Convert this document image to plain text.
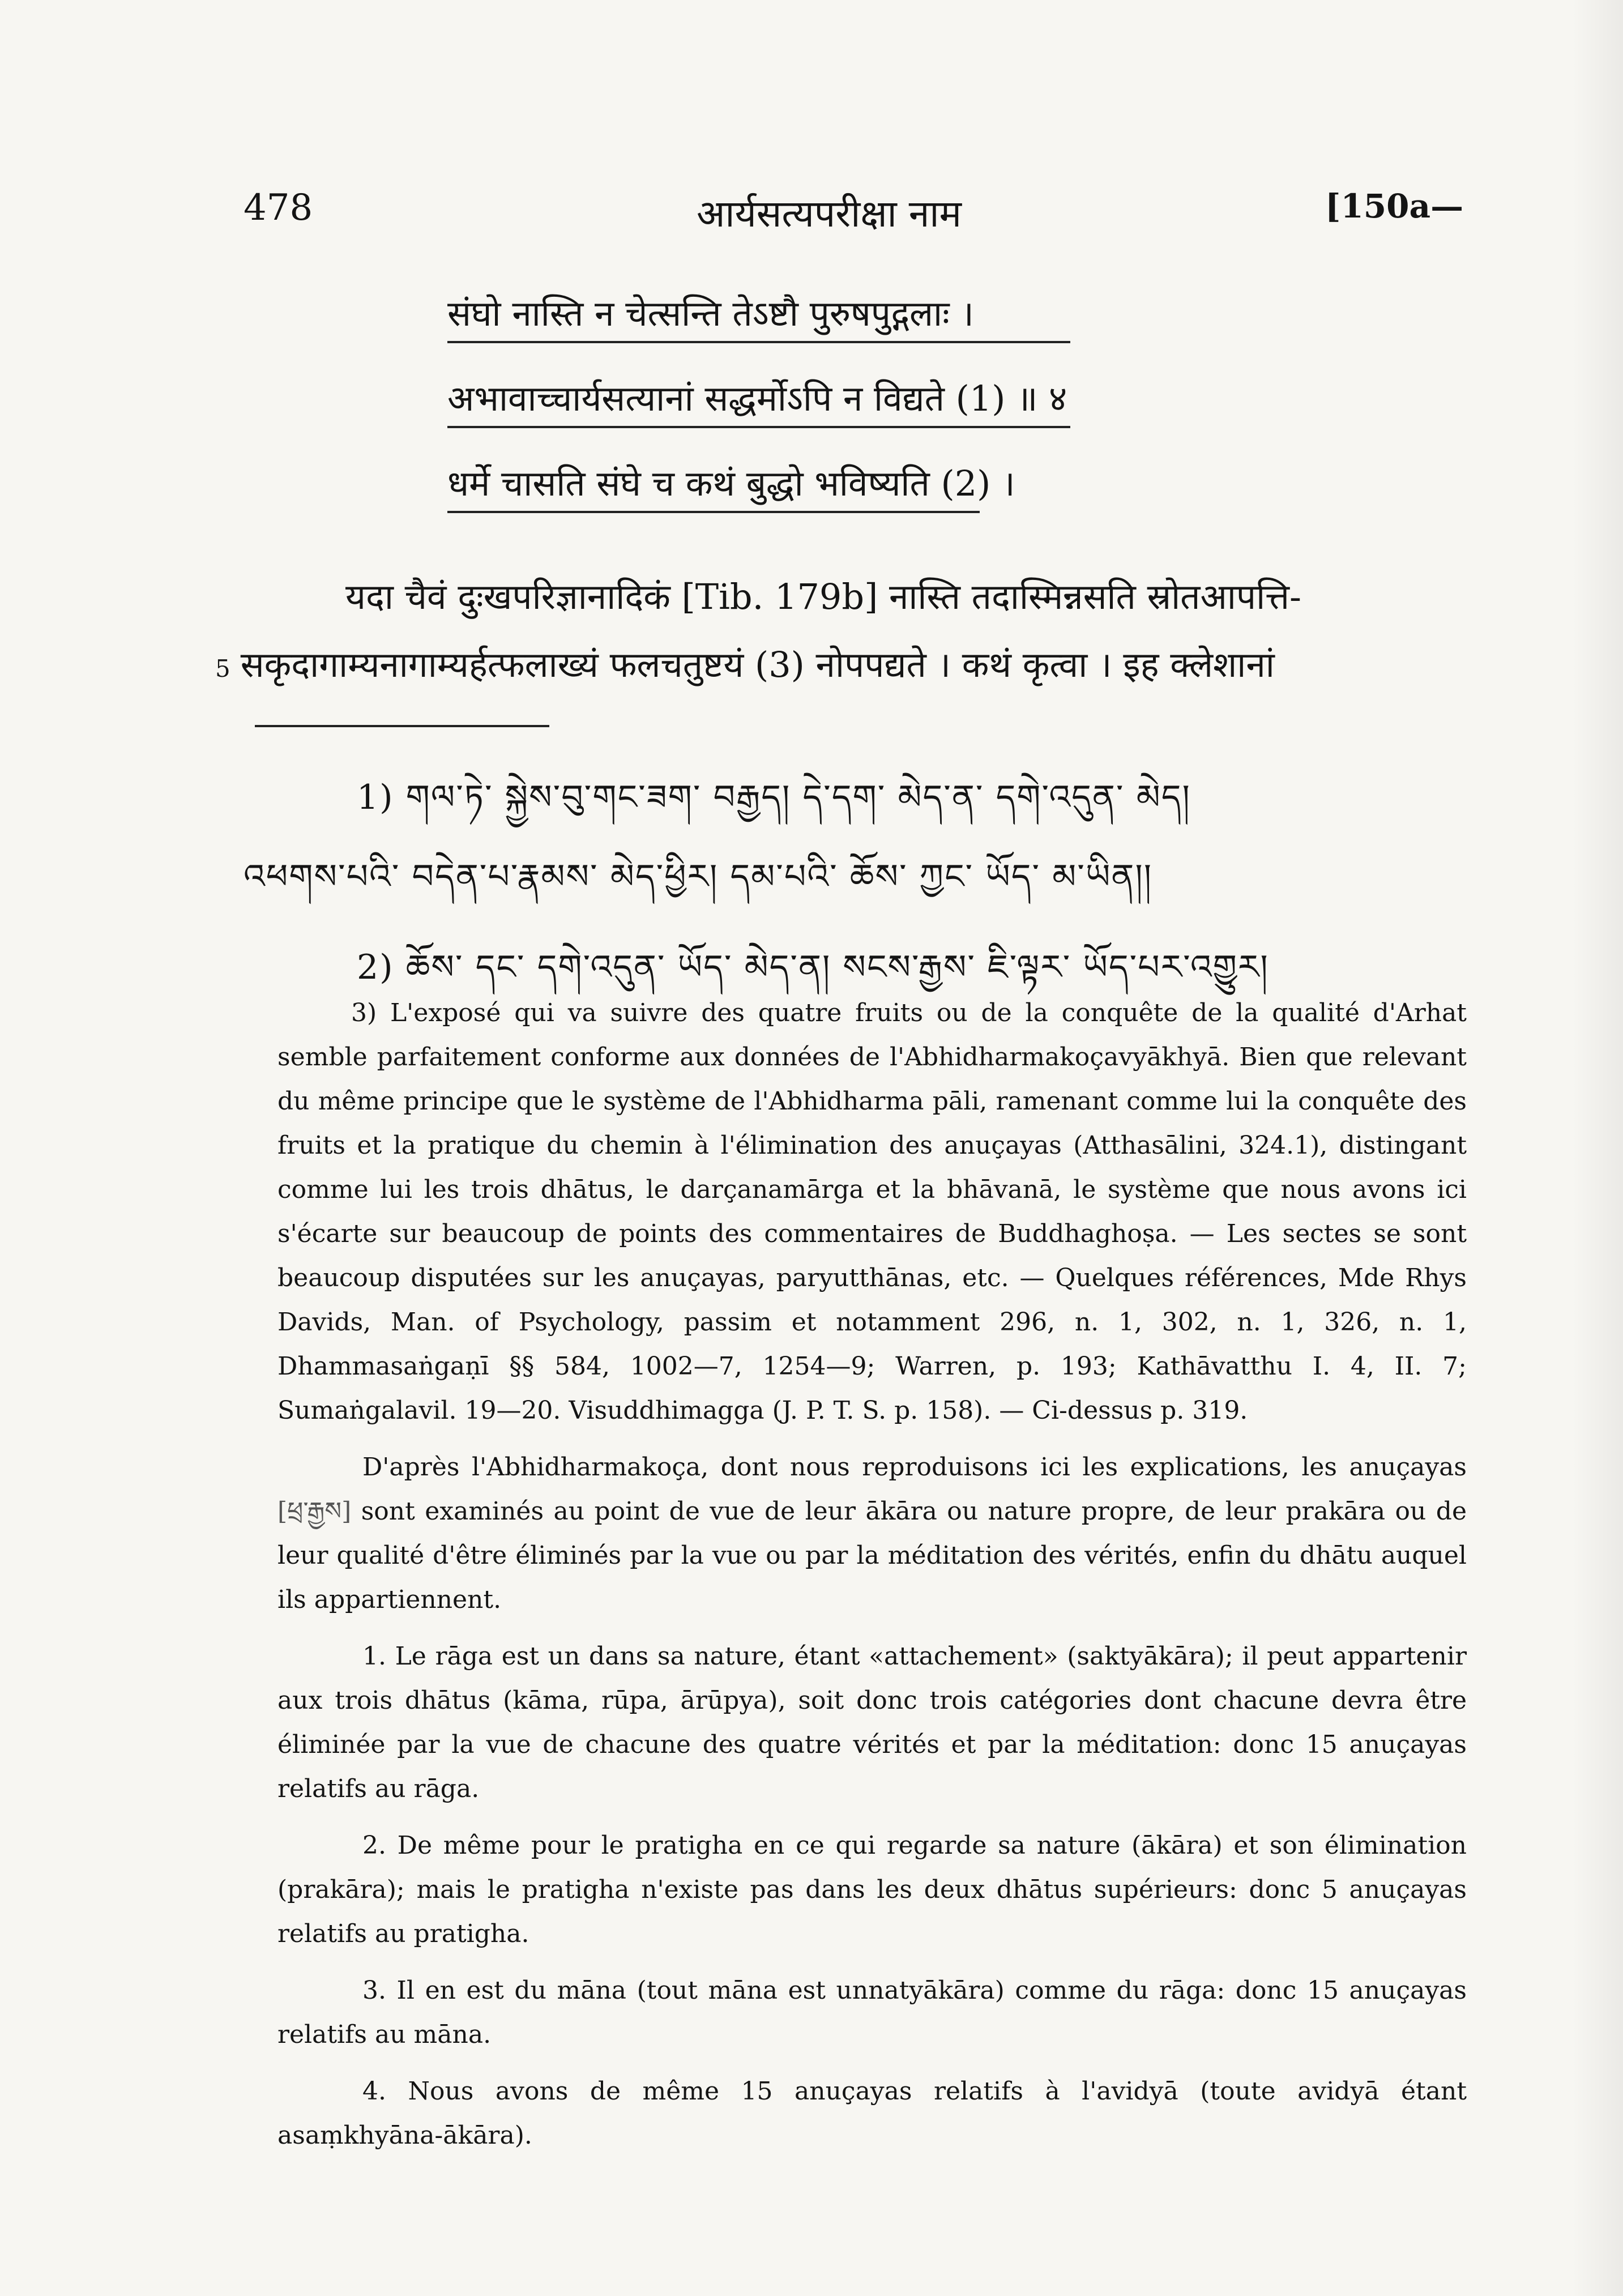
478	आर्यसत्यपरीक्षा नाम	[150a—
संघो नास्ति न चेत्सन्ति तेऽष्टौ पुरुषपुद्गलाः ।
अभावाच्चार्यसत्यानां सद्धर्मोऽपि न विद्यते (1) ॥ ४
धर्मे चासति संघे च कथं बुद्धो भविष्यति (2) ।
यदा चैवं दुःखपरिज्ञानादिकं [Tib. 179b] नास्ति तदास्मिन्नसति स्रोतआपत्ति-
5 सकृदागाम्यनागाम्यर्हत्फलाख्यं फलचतुष्टयं (3) नोपपद्यते । कथं कृत्वा । इह क्लेशानां
1) གལ་ཏེ་ སྐྱེས་བུ་གང་ཟག་ བརྒྱད། དེ་དག་ མེད་ན་ དགེ་འདུན་ མེད།
འཕགས་པའི་ བདེན་པ་རྣམས་ མེད་ཕྱིར། དམ་པའི་ ཆོས་ ཀྱང་ ཡོད་ མ་ཡིན།།
2) ཆོས་ དང་ དགེ་འདུན་ ཡོད་ མེད་ན། སངས་རྒྱས་ ཇི་ལྟར་ ཡོད་པར་འགྱུར།

3) L'exposé qui va suivre des quatre fruits ou de la conquête de la qualité d'Arhat semble parfaitement conforme aux données de l'Abhidharmakoçavyākhyā. Bien que relevant du même principe que le système de l'Abhidharma pāli, ramenant comme lui la conquête des fruits et la pratique du chemin à l'élimination des anuçayas (Atthasālini, 324.1), distingant comme lui les trois dhātus, le darçanamārga et la bhāvanā, le système que nous avons ici s'écarte sur beaucoup de points des commentaires de Buddhaghoṣa. — Les sectes se sont beaucoup disputées sur les anuçayas, paryutthānas, etc. — Quelques références, Mde Rhys Davids, Man. of Psychology, passim et notamment 296, n. 1, 302, n. 1, 326, n. 1, Dhammasaṅgaṇī §§ 584, 1002—7, 1254—9; Warren, p. 193; Kathāvatthu I. 4, II. 7; Sumaṅgalavil. 19—20. Visuddhimagga (J. P. T. S. p. 158). — Ci-dessus p. 319.

D'après l'Abhidharmakoça, dont nous reproduisons ici les explications, les anuçayas [ཕྲ་རྒྱས] sont examinés au point de vue de leur ākāra ou nature propre, de leur prakāra ou de leur qualité d'être éliminés par la vue ou par la méditation des vérités, enfin du dhātu auquel ils appartiennent.

1. Le rāga est un dans sa nature, étant «attachement» (saktyākāra); il peut appartenir aux trois dhātus (kāma, rūpa, ārūpya), soit donc trois catégories dont chacune devra être éliminée par la vue de chacune des quatre vérités et par la méditation: donc 15 anuçayas relatifs au rāga.

2. De même pour le pratigha en ce qui regarde sa nature (ākāra) et son élimination (prakāra); mais le pratigha n'existe pas dans les deux dhātus supérieurs: donc 5 anuçayas relatifs au pratigha.

3. Il en est du māna (tout māna est unnatyākāra) comme du rāga: donc 15 anuçayas relatifs au māna.

4. Nous avons de même 15 anuçayas relatifs à l'avidyā (toute avidyā étant asaṃkhyāna-ākāra).
